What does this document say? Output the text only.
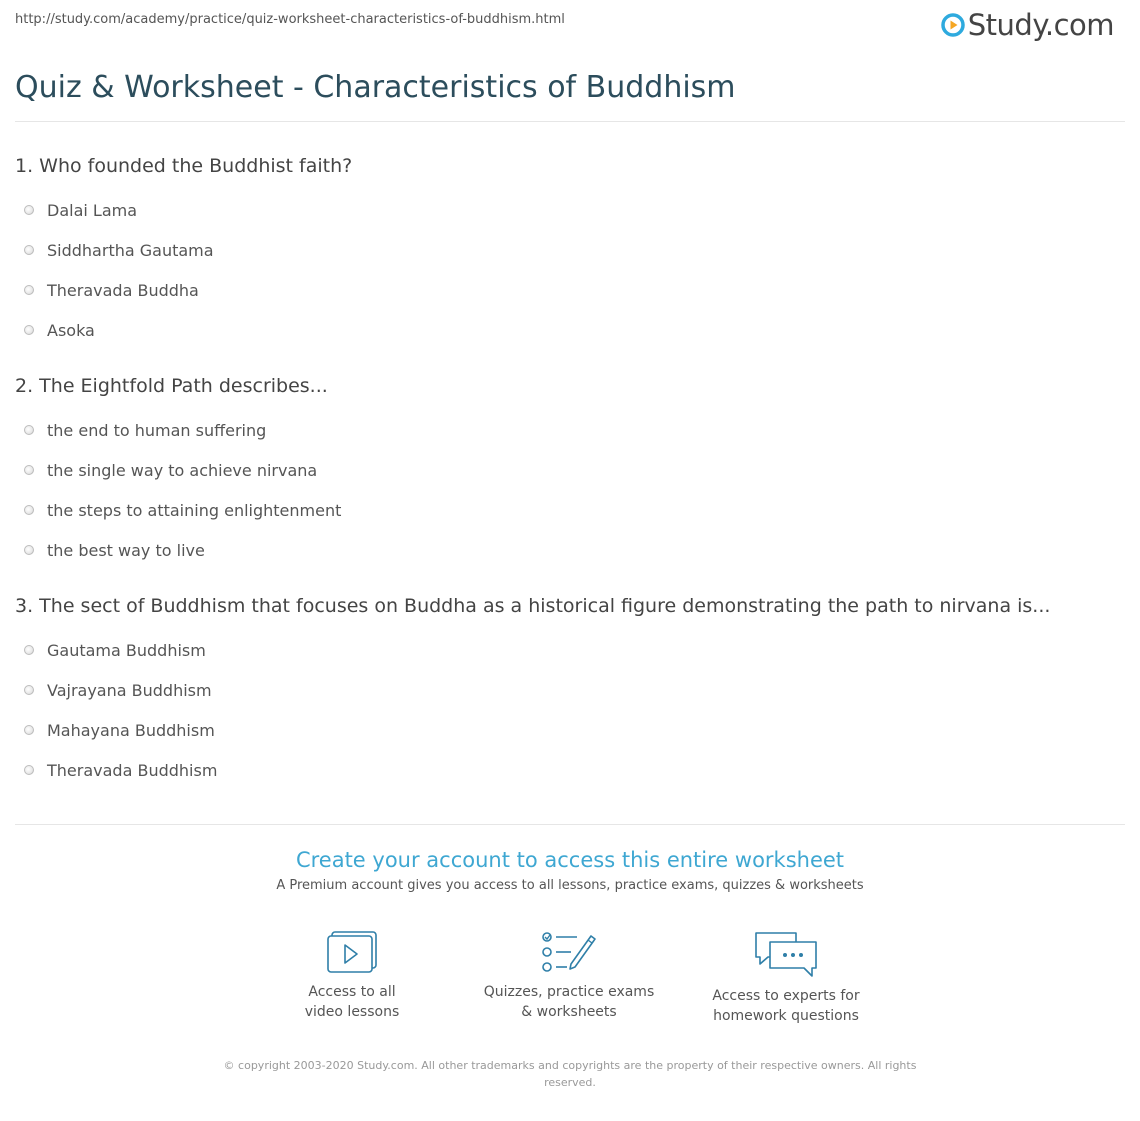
http://study.com/academy/practice/quiz-worksheet-characteristics-of-buddhism.html	Study.com
Quiz & Worksheet - Characteristics of Buddhism
1. Who founded the Buddhist faith?
Dalai Lama
Siddhartha Gautama
Theravada Buddha
Asoka
2. The Eightfold Path describes...
the end to human suffering
the single way to achieve nirvana
the steps to attaining enlightenment
the best way to live
3. The sect of Buddhism that focuses on Buddha as a historical figure demonstrating the path to nirvana is...
Gautama Buddhism
Vajrayana Buddhism
Mahayana Buddhism
Theravada Buddhism
Create your account to access this entire worksheet
A Premium account gives you access to all lessons, practice exams, quizzes & worksheets
Access to all
video lessons
Quizzes, practice exams
& worksheets
Access to experts for
homework questions
© copyright 2003-2020 Study.com. All other trademarks and copyrights are the property of their respective owners. All rights reserved.
